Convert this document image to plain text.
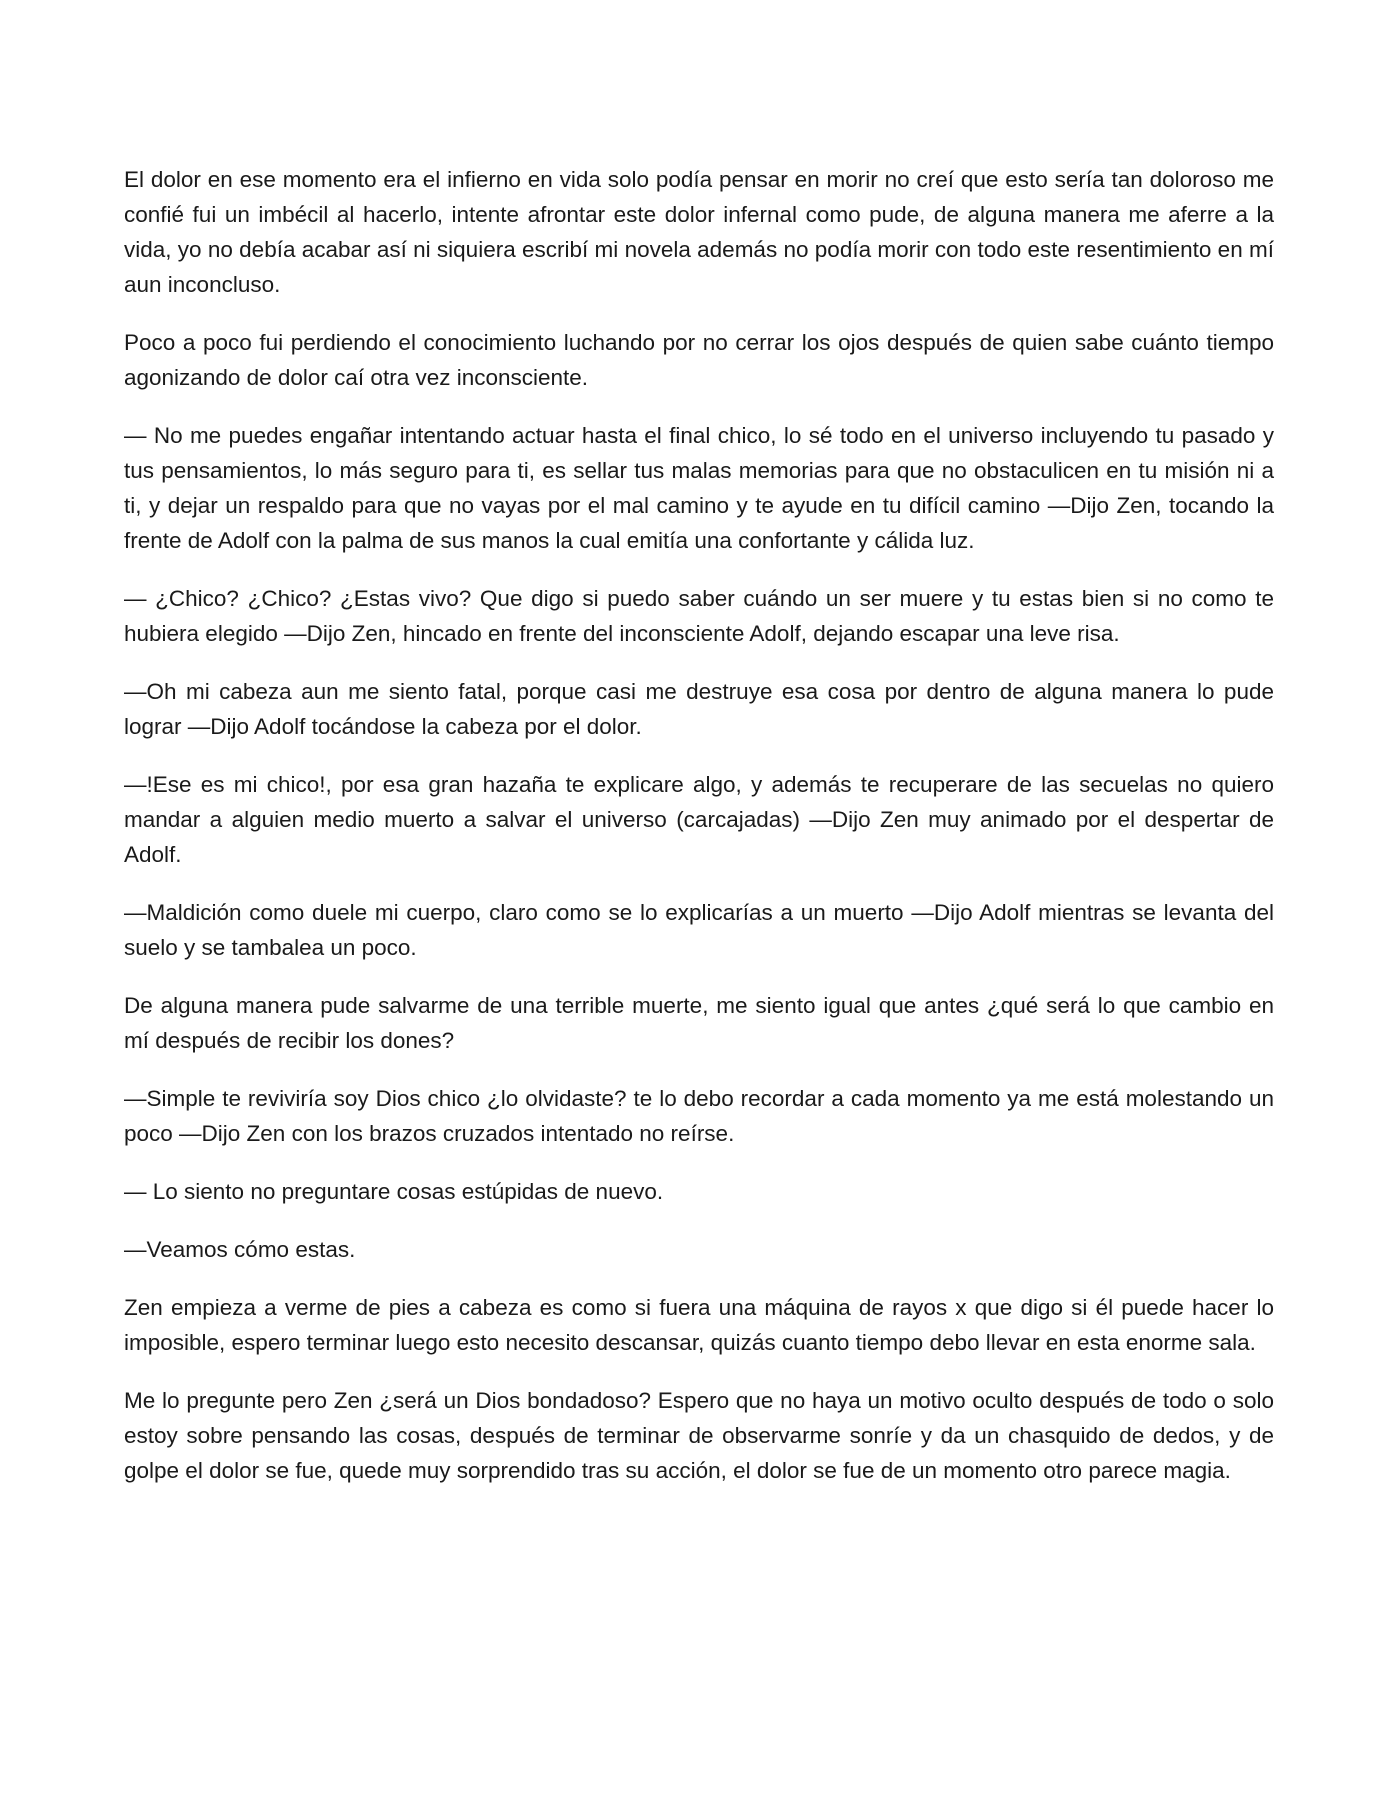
El dolor en ese momento era el infierno en vida solo podía pensar en morir no creí que esto sería tan doloroso me confié fui un imbécil al hacerlo, intente afrontar este dolor infernal como pude, de alguna manera me aferre a la vida, yo no debía acabar así ni siquiera escribí mi novela además no podía morir con todo este resentimiento en mí aun inconcluso.

Poco a poco fui perdiendo el conocimiento luchando por no cerrar los ojos después de quien sabe cuánto tiempo agonizando de dolor caí otra vez inconsciente.

— No me puedes engañar intentando actuar hasta el final chico, lo sé todo en el universo incluyendo tu pasado y tus pensamientos, lo más seguro para ti, es sellar tus malas memorias para que no obstaculicen en tu misión ni a ti, y dejar un respaldo para que no vayas por el mal camino y te ayude en tu difícil camino —Dijo Zen, tocando la frente de Adolf con la palma de sus manos la cual emitía una confortante y cálida luz.

— ¿Chico? ¿Chico? ¿Estas vivo? Que digo si puedo saber cuándo un ser muere y tu estas bien si no como te hubiera elegido —Dijo Zen, hincado en frente del inconsciente Adolf, dejando escapar una leve risa.

—Oh mi cabeza aun me siento fatal, porque casi me destruye esa cosa por dentro de alguna manera lo pude lograr —Dijo Adolf tocándose la cabeza por el dolor.

—!Ese es mi chico!, por esa gran hazaña te explicare algo, y además te recuperare de las secuelas no quiero mandar a alguien medio muerto a salvar el universo (carcajadas) —Dijo Zen muy animado por el despertar de Adolf.

—Maldición como duele mi cuerpo, claro como se lo explicarías a un muerto —Dijo Adolf mientras se levanta del suelo y se tambalea un poco.

De alguna manera pude salvarme de una terrible muerte, me siento igual que antes ¿qué será lo que cambio en mí después de recibir los dones?

—Simple te reviviría soy Dios chico ¿lo olvidaste? te lo debo recordar a cada momento ya me está molestando un poco —Dijo Zen con los brazos cruzados intentado no reírse.

— Lo siento no preguntare cosas estúpidas de nuevo.

—Veamos cómo estas.

Zen empieza a verme de pies a cabeza es como si fuera una máquina de rayos x que digo si él puede hacer lo imposible, espero terminar luego esto necesito descansar, quizás cuanto tiempo debo llevar en esta enorme sala.

Me lo pregunte pero Zen ¿será un Dios bondadoso? Espero que no haya un motivo oculto después de todo o solo estoy sobre pensando las cosas, después de terminar de observarme sonríe y da un chasquido de dedos, y de golpe el dolor se fue, quede muy sorprendido tras su acción, el dolor se fue de un momento otro parece magia.
